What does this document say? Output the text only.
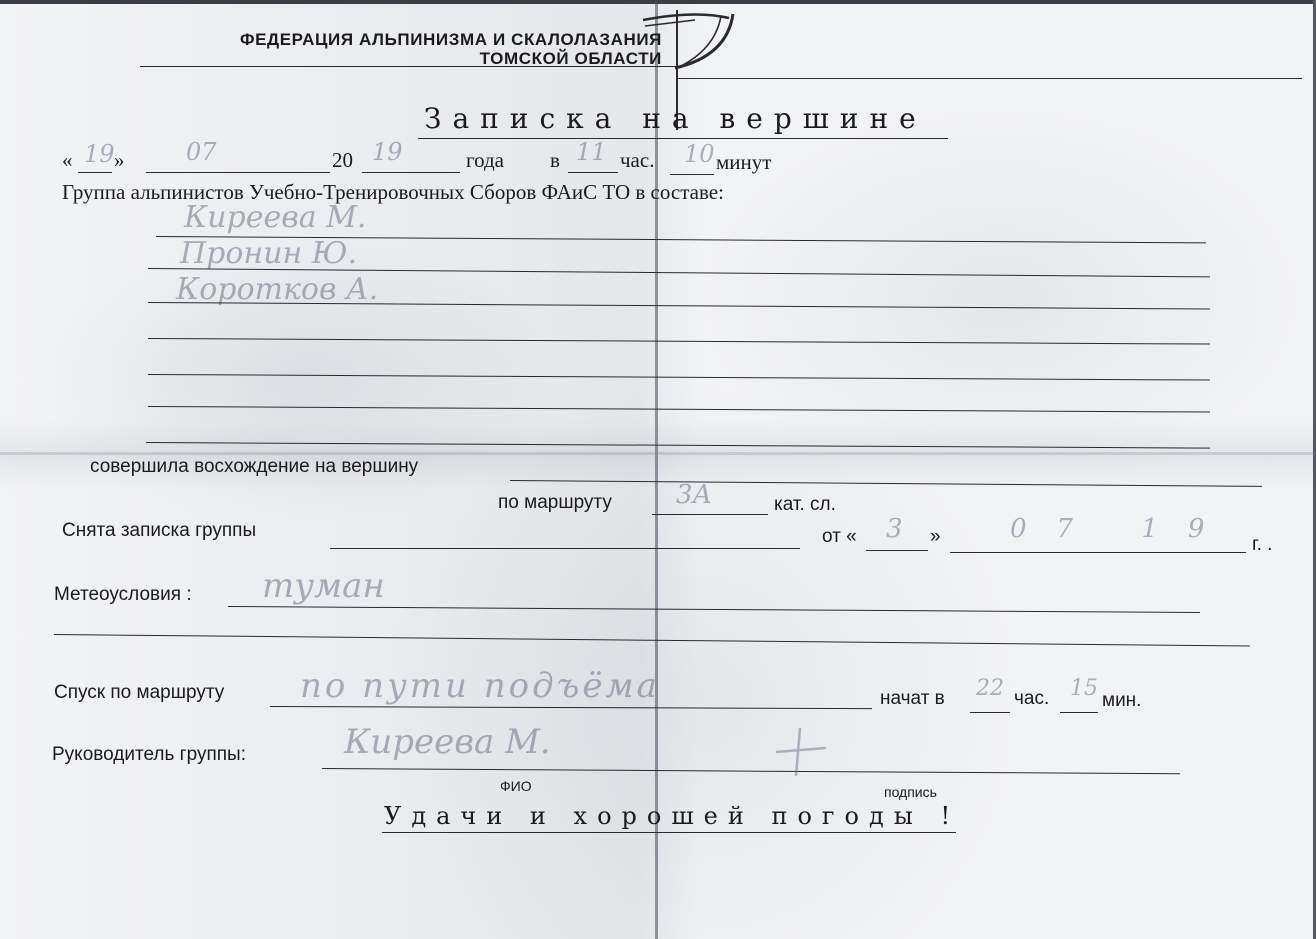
ФЕДЕРАЦИЯ АЛЬПИНИЗМА И СКАЛОЛАЗАНИЯ
ТОМСКОЙ ОБЛАСТИ
Записка на вершине
« 19 »	07	20 19	года в 11 час. 10 минут
Группа альпинистов Учебно-Тренировочных Сборов ФАиС ТО в составе:
Киреева М.
Пронин Ю.
Коротков А.
совершила восхождение на вершину
по маршруту 3А	кат. сл.
Снята записка группы	от « 3 »	07 19
г. .
Метеоусловия : туман
Спуск по маршруту по пути подъёма	начат в 22 час. 15 мин.
Руководитель группы:	Киреева М.
ФИО	подпись
Удачи и хорошей погоды !
